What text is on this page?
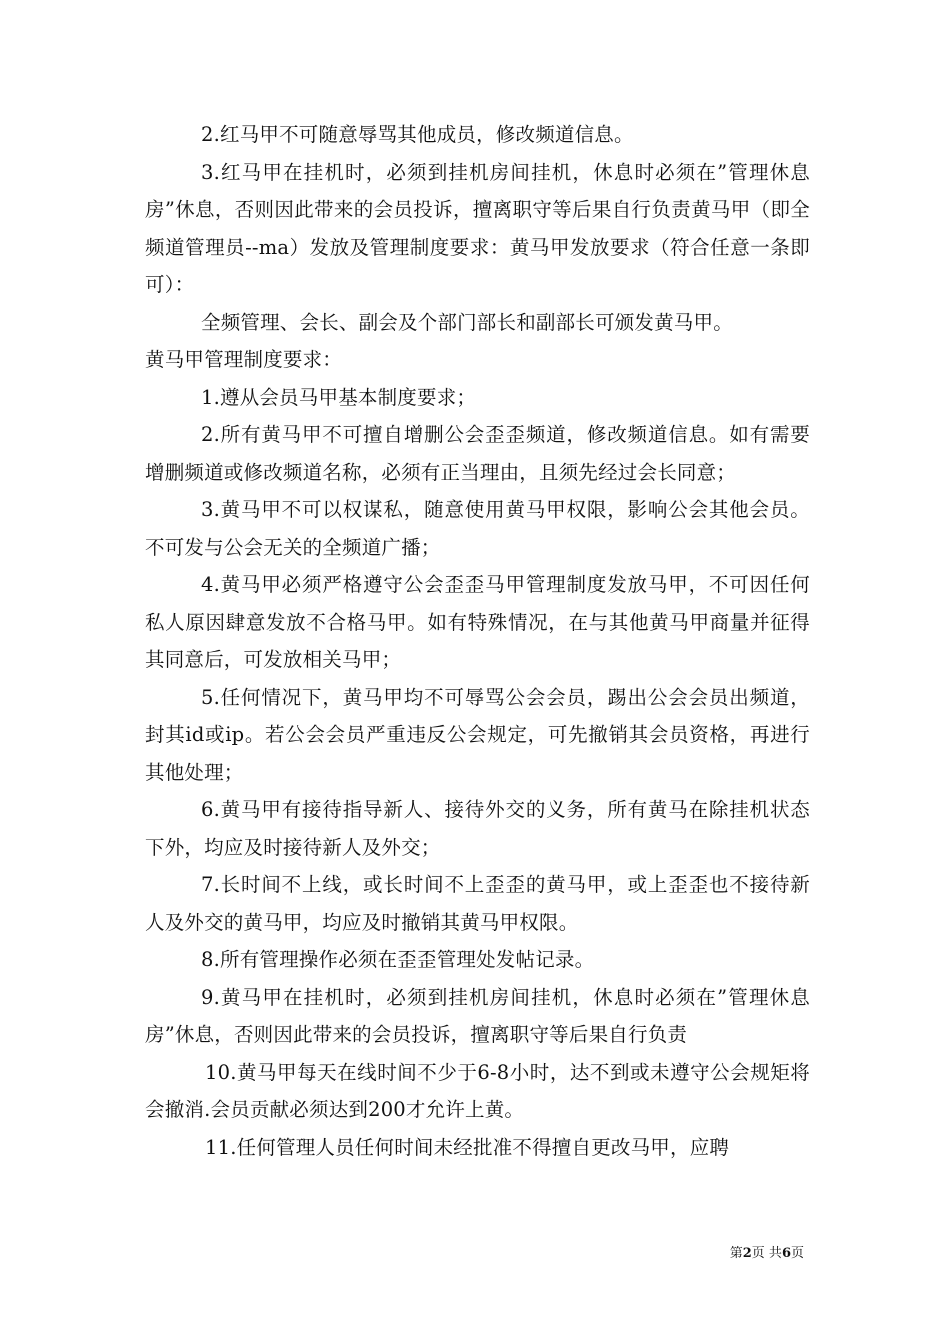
2.红马甲不可随意辱骂其他成员，修改频道信息。

3.红马甲在挂机时，必须到挂机房间挂机，休息时必须在”管理休息房”休息，否则因此带来的会员投诉，擅离职守等后果自行负责黄马甲（即全频道管理员--ma）发放及管理制度要求：黄马甲发放要求（符合任意一条即可）：

全频管理、会长、副会及个部门部长和副部长可颁发黄马甲。

黄马甲管理制度要求：

1.遵从会员马甲基本制度要求；

2.所有黄马甲不可擅自增删公会歪歪频道，修改频道信息。如有需要增删频道或修改频道名称，必须有正当理由，且须先经过会长同意；

3.黄马甲不可以权谋私，随意使用黄马甲权限，影响公会其他会员。不可发与公会无关的全频道广播；

4.黄马甲必须严格遵守公会歪歪马甲管理制度发放马甲，不可因任何私人原因肆意发放不合格马甲。如有特殊情况，在与其他黄马甲商量并征得其同意后，可发放相关马甲；

5.任何情况下，黄马甲均不可辱骂公会会员，踢出公会会员出频道，封其id或ip。若公会会员严重违反公会规定，可先撤销其会员资格，再进行其他处理；

6.黄马甲有接待指导新人、接待外交的义务，所有黄马在除挂机状态下外，均应及时接待新人及外交；

7.长时间不上线，或长时间不上歪歪的黄马甲，或上歪歪也不接待新人及外交的黄马甲，均应及时撤销其黄马甲权限。

8.所有管理操作必须在歪歪管理处发帖记录。

9.黄马甲在挂机时，必须到挂机房间挂机，休息时必须在”管理休息房”休息，否则因此带来的会员投诉，擅离职守等后果自行负责

10.黄马甲每天在线时间不少于6-8小时，达不到或未遵守公会规矩将会撤消.会员贡献必须达到200才允许上黄。

11.任何管理人员任何时间未经批准不得擅自更改马甲，应聘

第2页 共6页
